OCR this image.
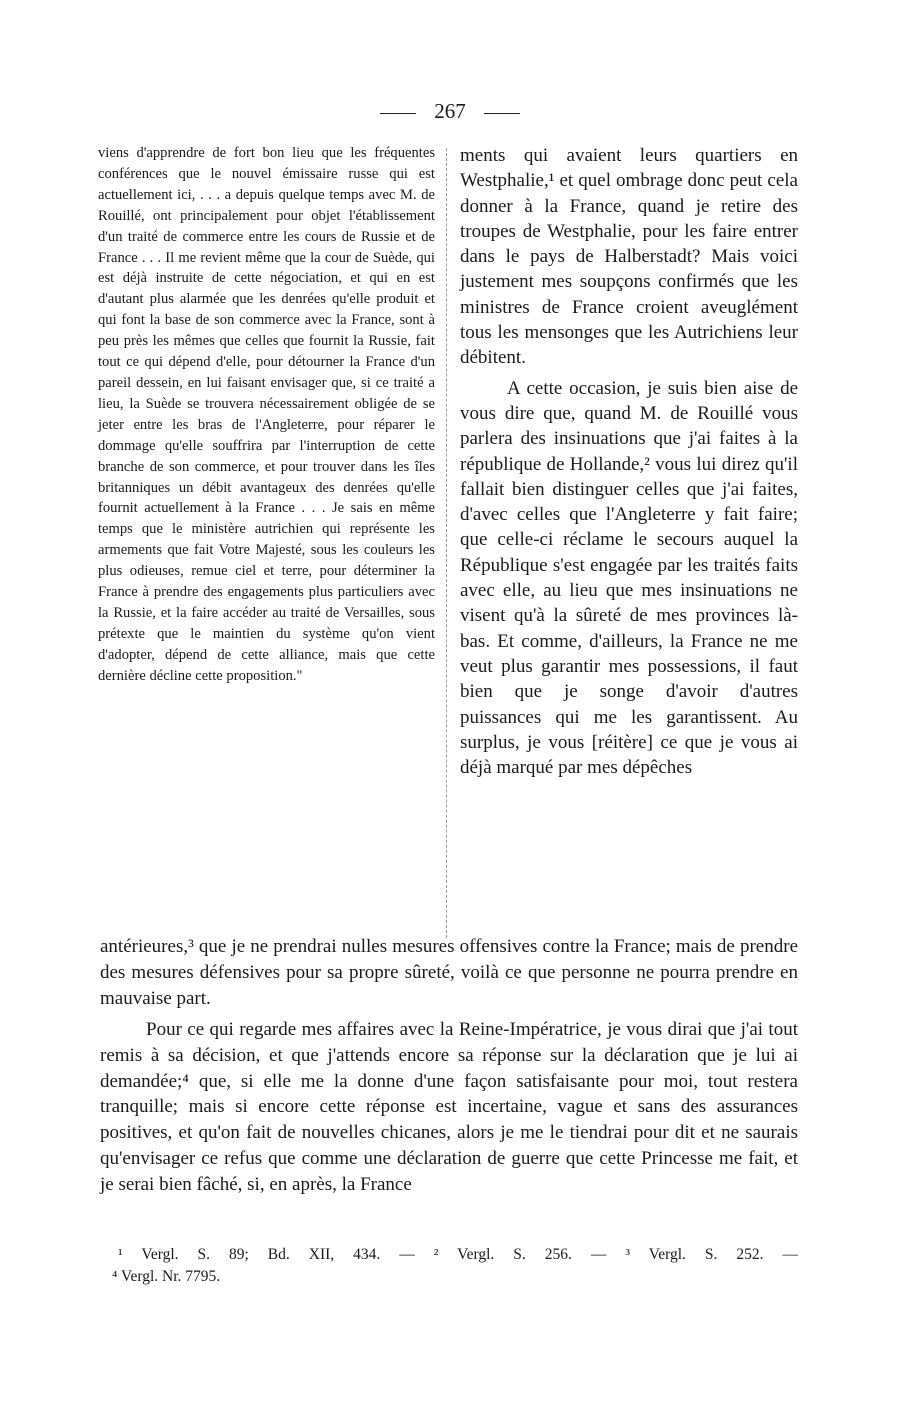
267
viens d'apprendre de fort bon lieu que les fréquentes conférences que le nouvel émissaire russe qui est actuellement ici, . . . a depuis quelque temps avec M. de Rouillé, ont principalement pour objet l'établissement d'un traité de commerce entre les cours de Russie et de France . . . Il me revient même que la cour de Suède, qui est déjà instruite de cette négociation, et qui en est d'autant plus alarmée que les denrées qu'elle produit et qui font la base de son commerce avec la France, sont à peu près les mêmes que celles que fournit la Russie, fait tout ce qui dépend d'elle, pour détourner la France d'un pareil dessein, en lui faisant envisager que, si ce traité a lieu, la Suède se trouvera nécessairement obligée de se jeter entre les bras de l'Angleterre, pour réparer le dommage qu'elle souffrira par l'interruption de cette branche de son commerce, et pour trouver dans les îles britanniques un débit avantageux des denrées qu'elle fournit actuellement à la France . . . Je sais en même temps que le ministère autrichien qui représente les armements que fait Votre Majesté, sous les couleurs les plus odieuses, remue ciel et terre, pour déterminer la France à prendre des engagements plus particuliers avec la Russie, et la faire accéder au traité de Versailles, sous prétexte que le maintien du système qu'on vient d'adopter, dépend de cette alliance, mais que cette dernière décline cette proposition."

ments qui avaient leurs quartiers en Westphalie,¹ et quel ombrage donc peut cela donner à la France, quand je retire des troupes de Westphalie, pour les faire entrer dans le pays de Halberstadt? Mais voici justement mes soupçons confirmés que les ministres de France croient aveuglément tous les mensonges que les Autrichiens leur débitent.

A cette occasion, je suis bien aise de vous dire que, quand M. de Rouillé vous parlera des insinuations que j'ai faites à la république de Hollande,² vous lui direz qu'il fallait bien distinguer celles que j'ai faites, d'avec celles que l'Angleterre y fait faire; que celle-ci réclame le secours auquel la République s'est engagée par les traités faits avec elle, au lieu que mes insinuations ne visent qu'à la sûreté de mes provinces là-bas. Et comme, d'ailleurs, la France ne me veut plus garantir mes possessions, il faut bien que je songe d'avoir d'autres puissances qui me les garantissent. Au surplus, je vous [réitère] ce que je vous ai déjà marqué par mes dépêches

antérieures,³ que je ne prendrai nulles mesures offensives contre la France; mais de prendre des mesures défensives pour sa propre sûreté, voilà ce que personne ne pourra prendre en mauvaise part.

Pour ce qui regarde mes affaires avec la Reine-Impératrice, je vous dirai que j'ai tout remis à sa décision, et que j'attends encore sa réponse sur la déclaration que je lui ai demandée;⁴ que, si elle me la donne d'une façon satisfaisante pour moi, tout restera tranquille; mais si encore cette réponse est incertaine, vague et sans des assurances positives, et qu'on fait de nouvelles chicanes, alors je me le tiendrai pour dit et ne saurais qu'envisager ce refus que comme une déclaration de guerre que cette Princesse me fait, et je serai bien fâché, si, en après, la France

¹ Vergl. S. 89; Bd. XII, 434. — ² Vergl. S. 256. — ³ Vergl. S. 252. —
⁴ Vergl. Nr. 7795.
